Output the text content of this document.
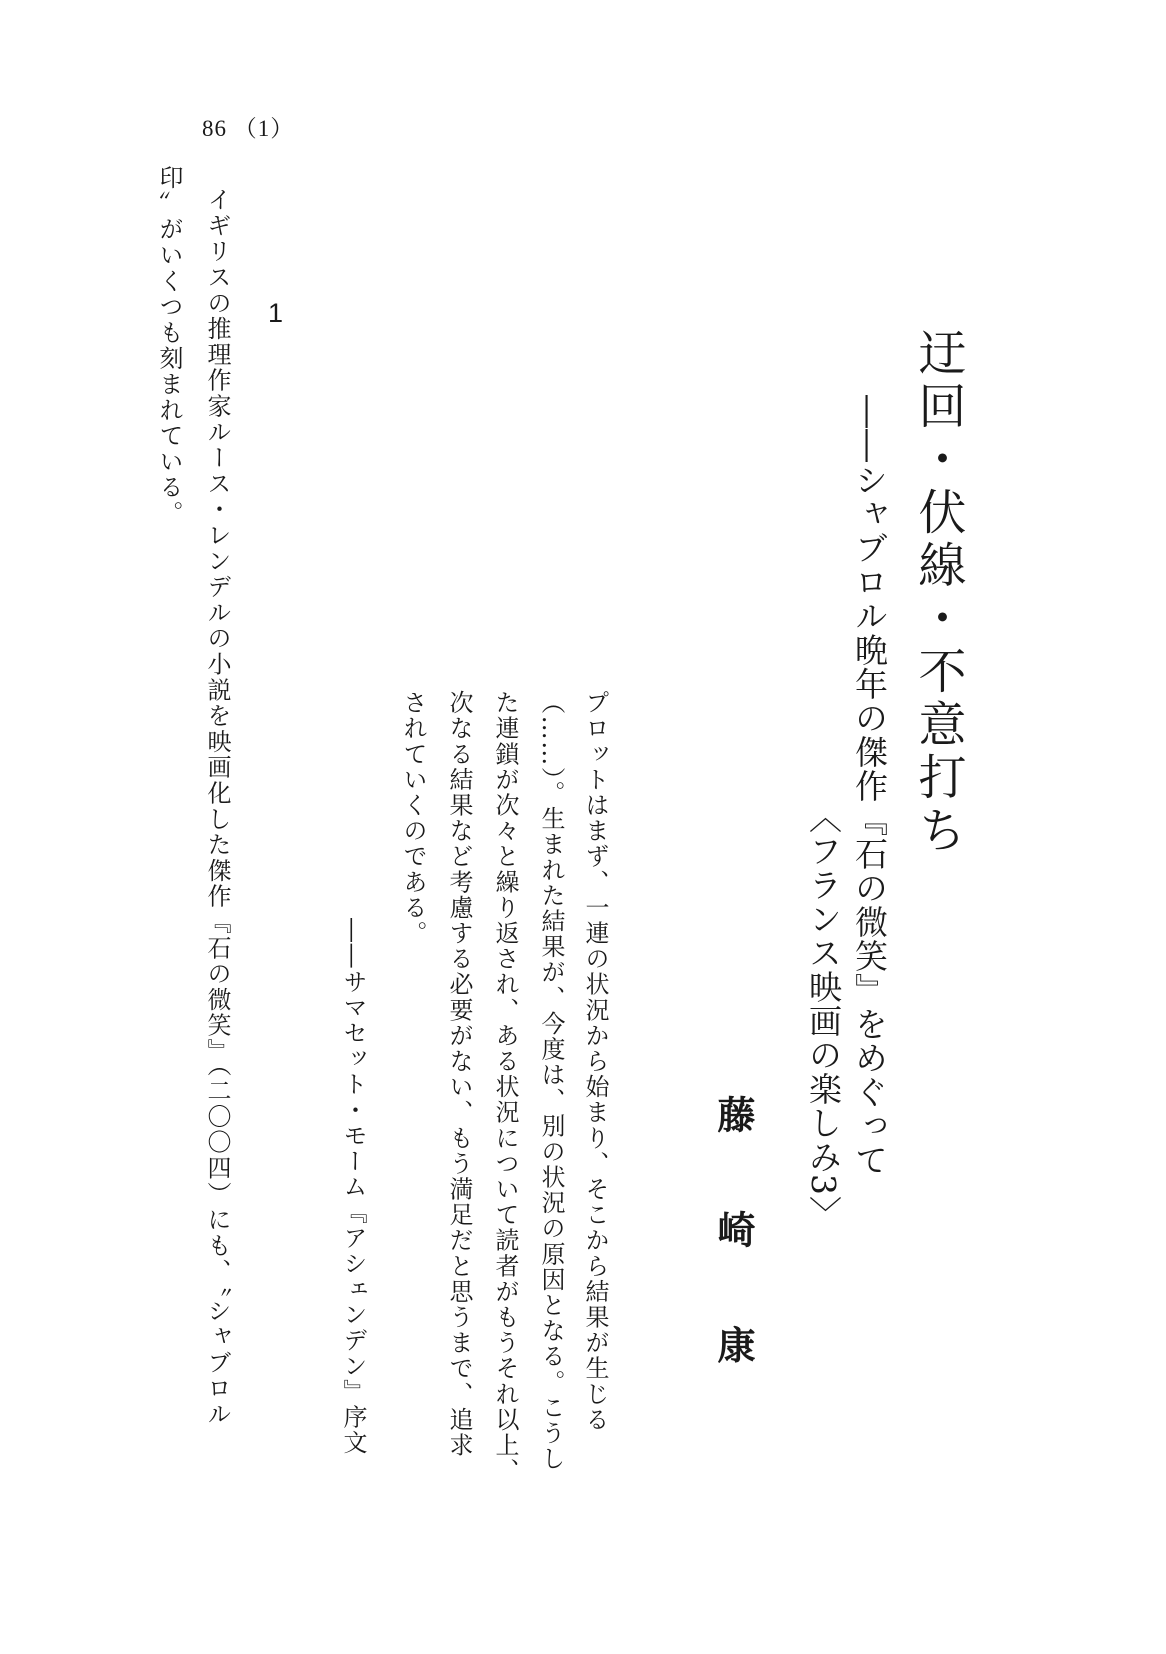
86 （1）
1
迂回・伏線・不意打ち
――シャブロル晩年の傑作『石の微笑』をめぐって
〈フランス映画の楽しみ3〉
藤 崎 康
プロットはまず、一連の状況から始まり、そこから結果が生じる
（……）。生まれた結果が、今度は、別の状況の原因となる。こうし
た連鎖が次々と繰り返され、ある状況について読者がもうそれ以上、
次なる結果など考慮する必要がない、もう満足だと思うまで、追求
されていくのである。
――サマセット・モーム『アシェンデン』序文
イギリスの推理作家ルース・レンデルの小説を映画化した傑作『石の微笑』（二〇〇四）にも、〝シャブロル
印〟がいくつも刻まれている。
